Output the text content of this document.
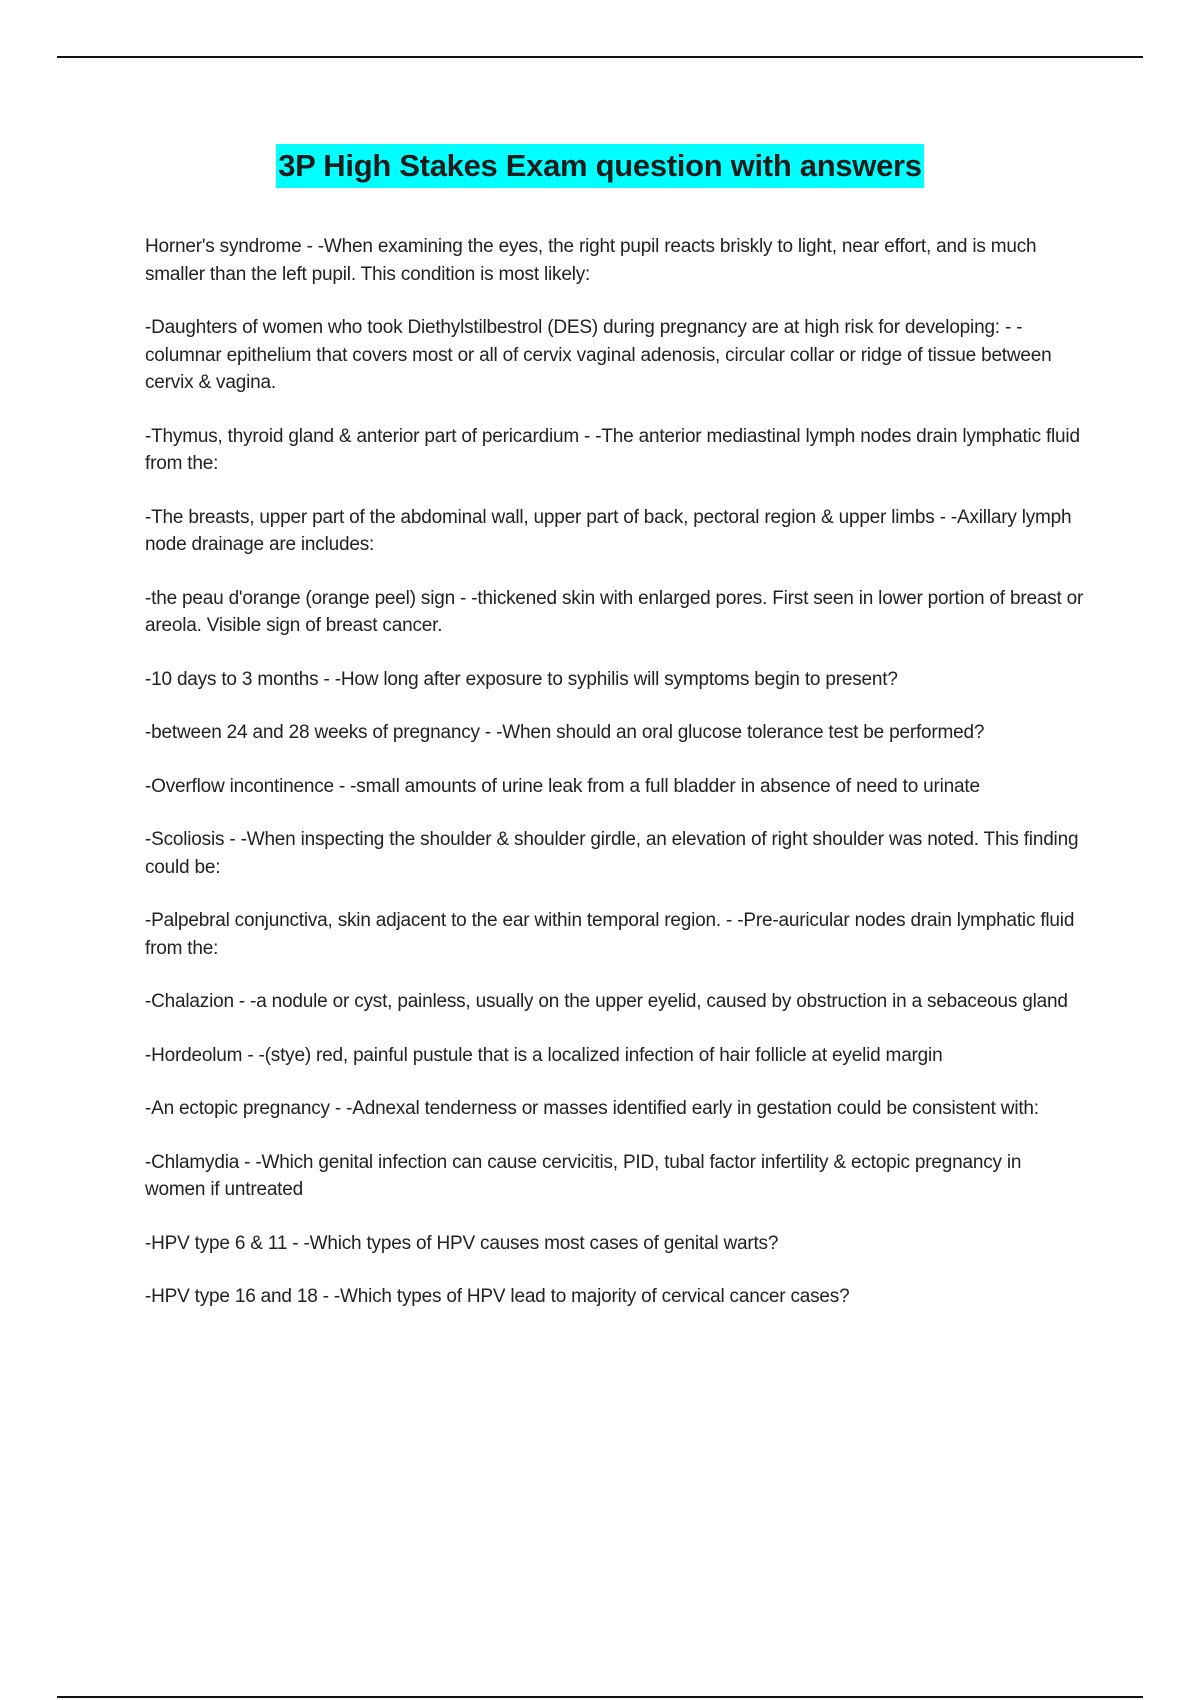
3P High Stakes Exam question with answers

Horner's syndrome - -When examining the eyes, the right pupil reacts briskly to light, near effort, and is much smaller than the left pupil. This condition is most likely:

-Daughters of women who took Diethylstilbestrol (DES) during pregnancy are at high risk for developing: - -columnar epithelium that covers most or all of cervix vaginal adenosis, circular collar or ridge of tissue between cervix & vagina.

-Thymus, thyroid gland & anterior part of pericardium - -The anterior mediastinal lymph nodes drain lymphatic fluid from the:

-The breasts, upper part of the abdominal wall, upper part of back, pectoral region & upper limbs - -Axillary lymph node drainage are includes:

-the peau d'orange (orange peel) sign - -thickened skin with enlarged pores. First seen in lower portion of breast or areola. Visible sign of breast cancer.

-10 days to 3 months - -How long after exposure to syphilis will symptoms begin to present?

-between 24 and 28 weeks of pregnancy - -When should an oral glucose tolerance test be performed?

-Overflow incontinence - -small amounts of urine leak from a full bladder in absence of need to urinate

-Scoliosis - -When inspecting the shoulder & shoulder girdle, an elevation of right shoulder was noted. This finding could be:

-Palpebral conjunctiva, skin adjacent to the ear within temporal region. - -Pre-auricular nodes drain lymphatic fluid from the:

-Chalazion - -a nodule or cyst, painless, usually on the upper eyelid, caused by obstruction in a sebaceous gland

-Hordeolum - -(stye) red, painful pustule that is a localized infection of hair follicle at eyelid margin

-An ectopic pregnancy - -Adnexal tenderness or masses identified early in gestation could be consistent with:

-Chlamydia - -Which genital infection can cause cervicitis, PID, tubal factor infertility & ectopic pregnancy in women if untreated

-HPV type 6 & 11 - -Which types of HPV causes most cases of genital warts?

-HPV type 16 and 18 - -Which types of HPV lead to majority of cervical cancer cases?
